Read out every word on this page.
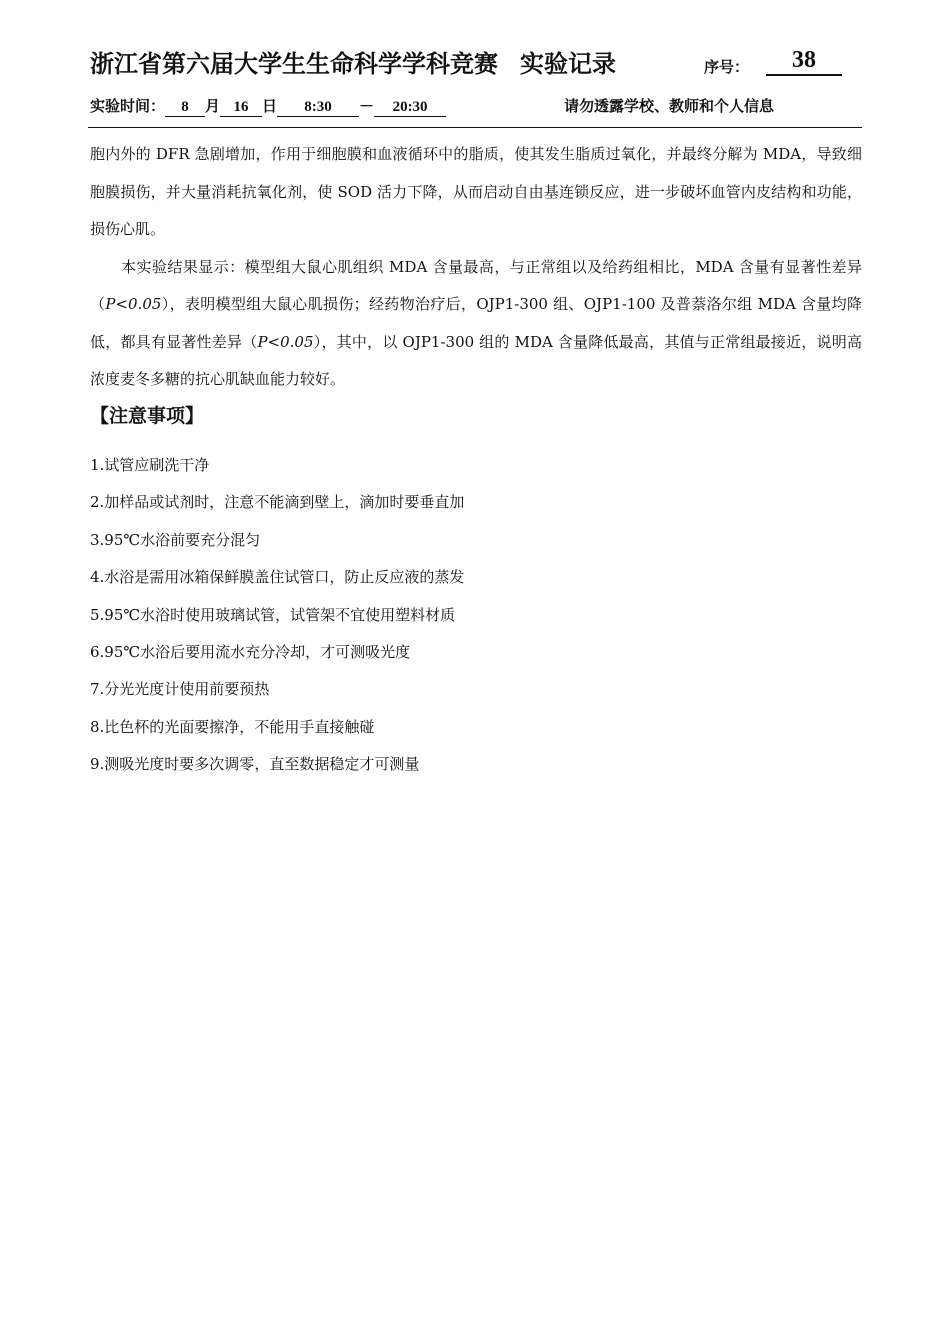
浙江省第六届大学生生命科学学科竞赛 实验记录	序号：	38
实验时间： 8 月 16 日 8:30 － 20:30	请勿透露学校、教师和个人信息

胞内外的 DFR 急剧增加，作用于细胞膜和血液循环中的脂质，使其发生脂质过氧化，并最终分解为 MDA，导致细胞膜损伤，并大量消耗抗氧化剂，使 SOD 活力下降，从而启动自由基连锁反应，进一步破坏血管内皮结构和功能，损伤心肌。

本实验结果显示：模型组大鼠心肌组织 MDA 含量最高，与正常组以及给药组相比，MDA 含量有显著性差异（P<0.05），表明模型组大鼠心肌损伤；经药物治疗后，OJP1-300 组、OJP1-100 及普萘洛尔组 MDA 含量均降低，都具有显著性差异（P<0.05），其中，以 OJP1-300 组的 MDA 含量降低最高，其值与正常组最接近，说明高浓度麦冬多糖的抗心肌缺血能力较好。

【注意事项】
1.试管应刷洗干净
2.加样品或试剂时，注意不能滴到壁上，滴加时要垂直加
3.95℃水浴前要充分混匀
4.水浴是需用冰箱保鲜膜盖住试管口，防止反应液的蒸发
5.95℃水浴时使用玻璃试管，试管架不宜使用塑料材质
6.95℃水浴后要用流水充分冷却，才可测吸光度
7.分光光度计使用前要预热
8.比色杯的光面要擦净，不能用手直接触碰
9.测吸光度时要多次调零，直至数据稳定才可测量
